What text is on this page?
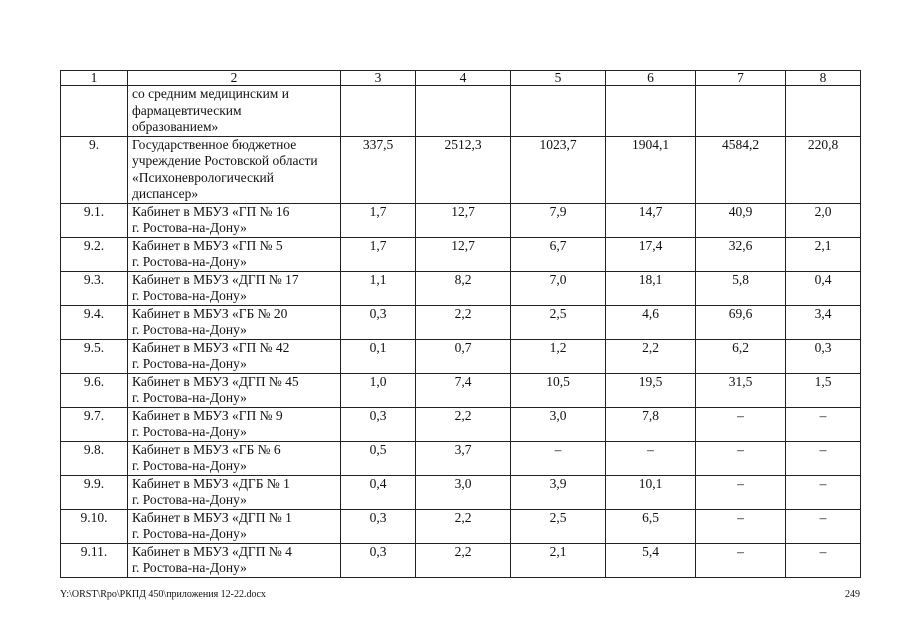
1	2	3	4	5	6	7	8

	со средним медицинским и
фармацевтическим
образованием»						

9.	Государственное бюджетное
учреждение Ростовской области
«Психоневрологический
диспансер»	337,5	2512,3	1023,7	1904,1	4584,2	220,8
9.1.	Кабинет в МБУЗ «ГП № 16
г. Ростова-на-Дону»	1,7	12,7	7,9	14,7	40,9	2,0
9.2.	Кабинет в МБУЗ «ГП № 5
г. Ростова-на-Дону»	1,7	12,7	6,7	17,4	32,6	2,1
9.3.	Кабинет в МБУЗ «ДГП № 17
г. Ростова-на-Дону»	1,1	8,2	7,0	18,1	5,8	0,4
9.4.	Кабинет в МБУЗ «ГБ № 20
г. Ростова-на-Дону»	0,3	2,2	2,5	4,6	69,6	3,4
9.5.	Кабинет в МБУЗ «ГП № 42
г. Ростова-на-Дону»	0,1	0,7	1,2	2,2	6,2	0,3
9.6.	Кабинет в МБУЗ «ДГП № 45
г. Ростова-на-Дону»	1,0	7,4	10,5	19,5	31,5	1,5
9.7.	Кабинет в МБУЗ «ГП № 9
г. Ростова-на-Дону»	0,3	2,2	3,0	7,8	–	–
9.8.	Кабинет в МБУЗ «ГБ № 6
г. Ростова-на-Дону»	0,5	3,7	–	–	–	–
9.9.	Кабинет в МБУЗ «ДГБ № 1
г. Ростова-на-Дону»	0,4	3,0	3,9	10,1	–	–
9.10.	Кабинет в МБУЗ «ДГП № 1
г. Ростова-на-Дону»	0,3	2,2	2,5	6,5	–	–
9.11.	Кабинет в МБУЗ «ДГП № 4
г. Ростова-на-Дону»	0,3	2,2	2,1	5,4	–	–
Y:\ORST\Rpo\РКПД 450\приложения 12-22.docx	249
